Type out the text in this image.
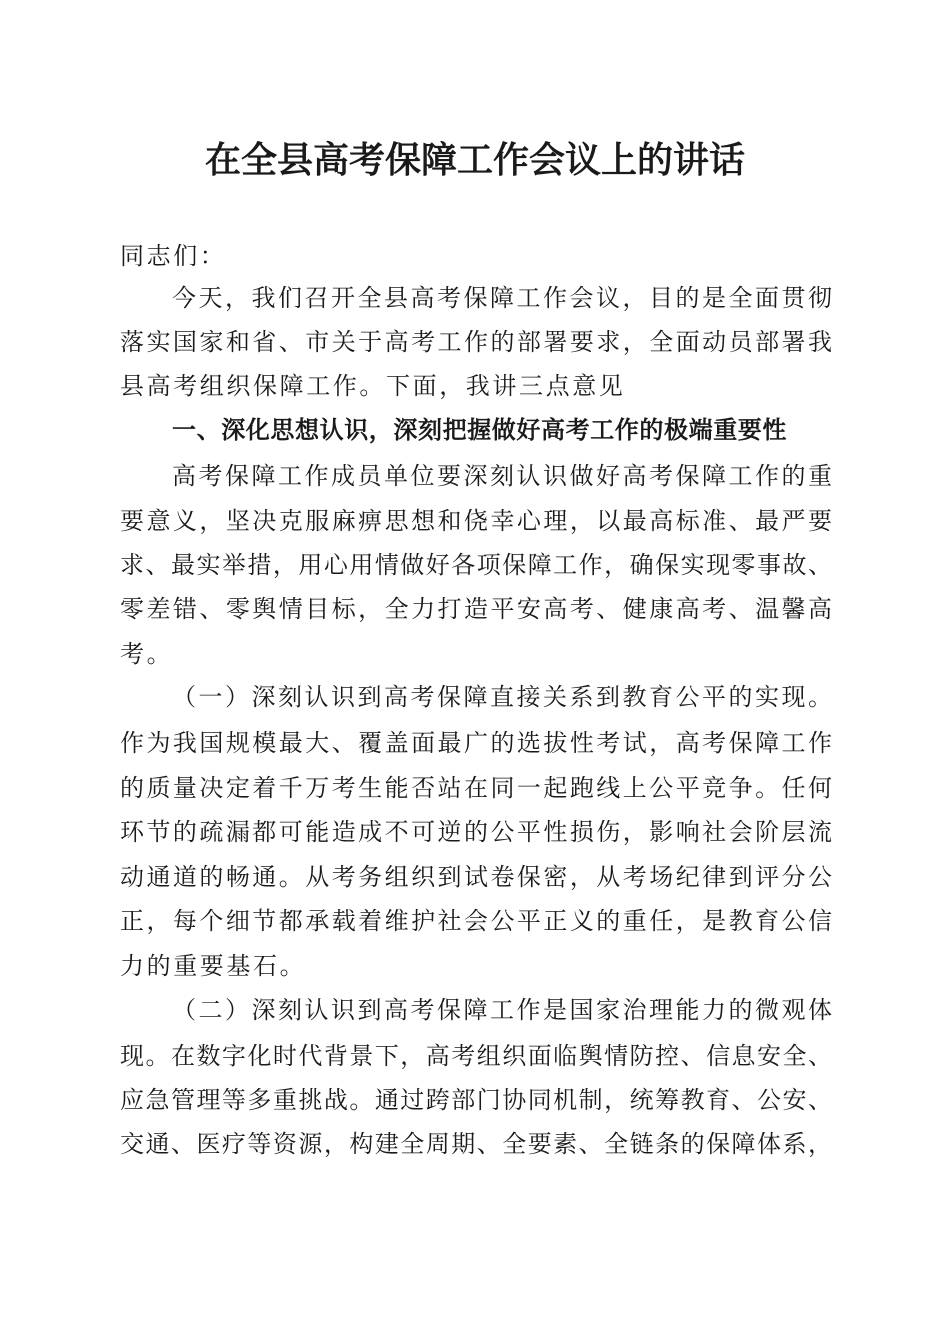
在全县高考保障工作会议上的讲话
同志们：
今天，我们召开全县高考保障工作会议，目的是全面贯彻
落实国家和省、市关于高考工作的部署要求，全面动员部署我
县高考组织保障工作。下面，我讲三点意见
一、深化思想认识，深刻把握做好高考工作的极端重要性
高考保障工作成员单位要深刻认识做好高考保障工作的重
要意义，坚决克服麻痹思想和侥幸心理，以最高标准、最严要
求、最实举措，用心用情做好各项保障工作，确保实现零事故、
零差错、零舆情目标，全力打造平安高考、健康高考、温馨高
考。
（一）深刻认识到高考保障直接关系到教育公平的实现。
作为我国规模最大、覆盖面最广的选拔性考试，高考保障工作
的质量决定着千万考生能否站在同一起跑线上公平竞争。任何
环节的疏漏都可能造成不可逆的公平性损伤，影响社会阶层流
动通道的畅通。从考务组织到试卷保密，从考场纪律到评分公
正，每个细节都承载着维护社会公平正义的重任，是教育公信
力的重要基石。
（二）深刻认识到高考保障工作是国家治理能力的微观体
现。在数字化时代背景下，高考组织面临舆情防控、信息安全、
应急管理等多重挑战。通过跨部门协同机制，统筹教育、公安、
交通、医疗等资源，构建全周期、全要素、全链条的保障体系，
